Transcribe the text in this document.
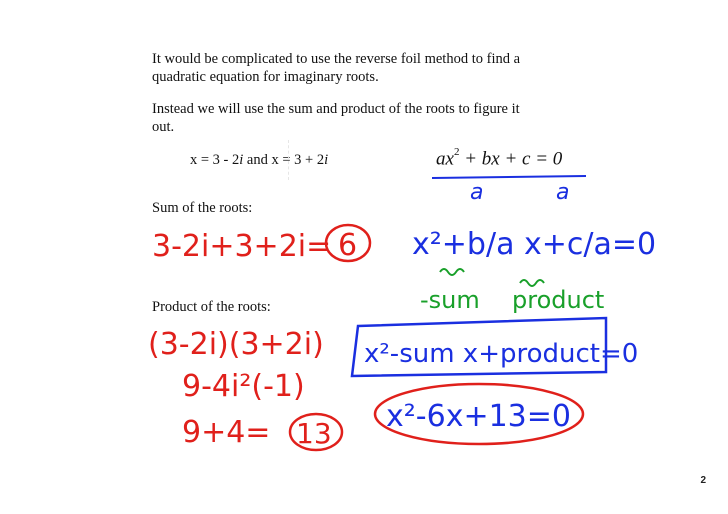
It would be complicated to use the reverse foil method to find a
quadratic equation for imaginary roots.
Instead we will use the sum and product of the roots to figure it
out.
x = 3 - 2i and x = 3 + 2i	$ax^2$ + bx + c = 0
Sum of the roots:
Product of the roots:
a	a
3-2i+3+2i= 6 x²+b/a x+c/a=0
-sum product
x²-sum x+product=0
(3-2i)(3+2i)
9-4i²(-1)
9+4= 13 x²-6x+13=0
2
